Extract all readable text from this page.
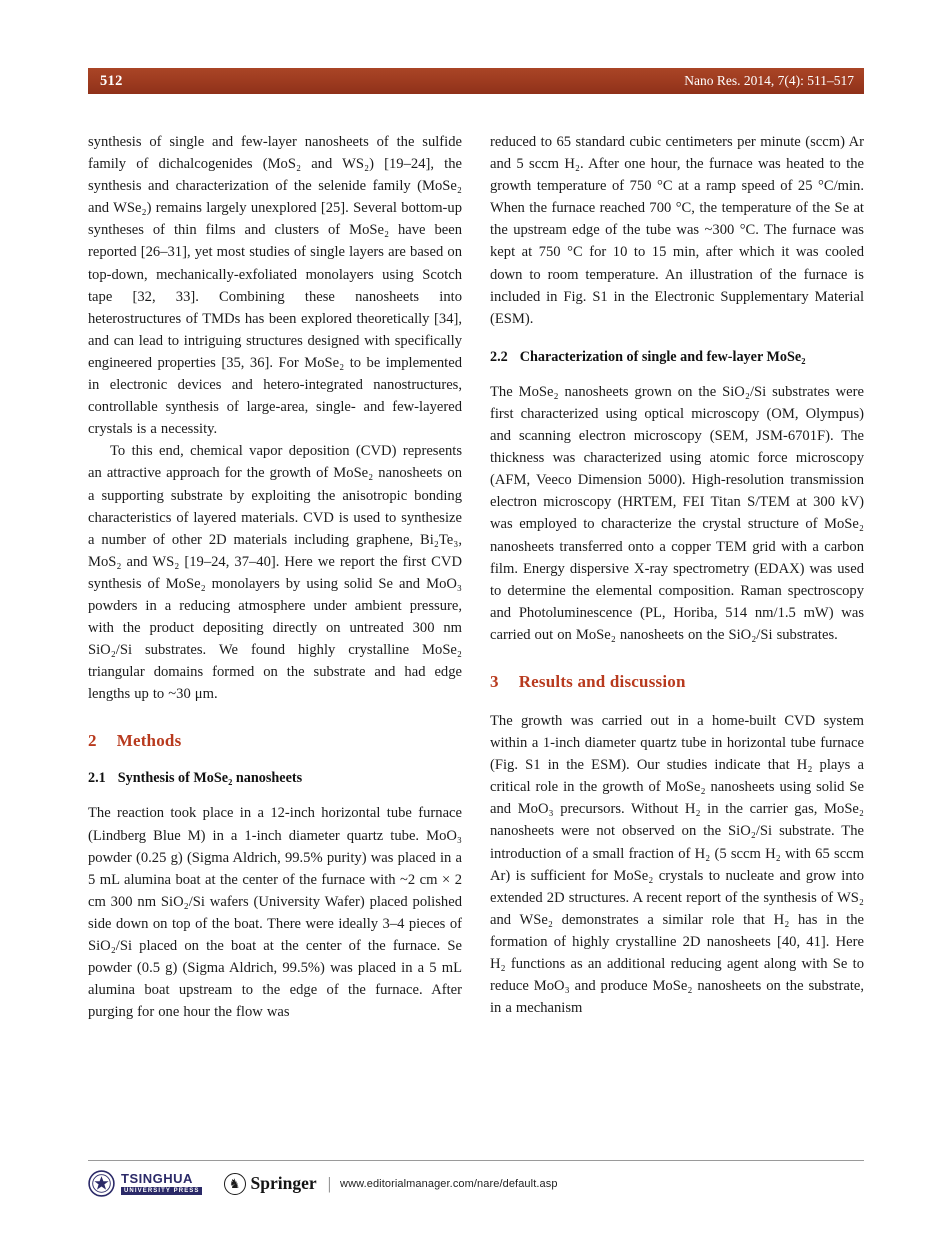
512	Nano Res. 2014, 7(4): 511–517

synthesis of single and few-layer nanosheets of the sulfide family of dichalcogenides (MoS₂ and WS₂) [19–24], the synthesis and characterization of the selenide family (MoSe₂ and WSe₂) remains largely unexplored [25]. Several bottom-up syntheses of thin films and clusters of MoSe₂ have been reported [26–31], yet most studies of single layers are based on top-down, mechanically-exfoliated monolayers using Scotch tape [32, 33]. Combining these nanosheets into heterostructures of TMDs has been explored theoretically [34], and can lead to intriguing structures designed with specifically engineered properties [35, 36]. For MoSe₂ to be implemented in electronic devices and hetero-integrated nanostructures, controllable synthesis of large-area, single- and few-layered crystals is a necessity.

To this end, chemical vapor deposition (CVD) represents an attractive approach for the growth of MoSe₂ nanosheets on a supporting substrate by exploiting the anisotropic bonding characteristics of layered materials. CVD is used to synthesize a number of other 2D materials including graphene, Bi₂Te₃, MoS₂ and WS₂ [19–24, 37–40]. Here we report the first CVD synthesis of MoSe₂ monolayers by using solid Se and MoO₃ powders in a reducing atmosphere under ambient pressure, with the product depositing directly on untreated 300 nm SiO₂/Si substrates. We found highly crystalline MoSe₂ triangular domains formed on the substrate and had edge lengths up to ~30 μm.

2 Methods
2.1 Synthesis of MoSe₂ nanosheets

The reaction took place in a 12-inch horizontal tube furnace (Lindberg Blue M) in a 1-inch diameter quartz tube. MoO₃ powder (0.25 g) (Sigma Aldrich, 99.5% purity) was placed in a 5 mL alumina boat at the center of the furnace with ~2 cm × 2 cm 300 nm SiO₂/Si wafers (University Wafer) placed polished side down on top of the boat. There were ideally 3–4 pieces of SiO₂/Si placed on the boat at the center of the furnace. Se powder (0.5 g) (Sigma Aldrich, 99.5%) was placed in a 5 mL alumina boat upstream to the edge of the furnace. After purging for one hour the flow was

reduced to 65 standard cubic centimeters per minute (sccm) Ar and 5 sccm H₂. After one hour, the furnace was heated to the growth temperature of 750 °C at a ramp speed of 25 °C/min. When the furnace reached 700 °C, the temperature of the Se at the upstream edge of the tube was ~300 °C. The furnace was kept at 750 °C for 10 to 15 min, after which it was cooled down to room temperature. An illustration of the furnace is included in Fig. S1 in the Electronic Supplementary Material (ESM).

2.2 Characterization of single and few-layer MoSe₂

The MoSe₂ nanosheets grown on the SiO₂/Si substrates were first characterized using optical microscopy (OM, Olympus) and scanning electron microscopy (SEM, JSM-6701F). The thickness was characterized using atomic force microscopy (AFM, Veeco Dimension 5000). High-resolution transmission electron microscopy (HRTEM, FEI Titan S/TEM at 300 kV) was employed to characterize the crystal structure of MoSe₂ nanosheets transferred onto a copper TEM grid with a carbon film. Energy dispersive X-ray spectrometry (EDAX) was used to determine the elemental composition. Raman spectroscopy and Photoluminescence (PL, Horiba, 514 nm/1.5 mW) was carried out on MoSe₂ nanosheets on the SiO₂/Si substrates.

3 Results and discussion

The growth was carried out in a home-built CVD system within a 1-inch diameter quartz tube in horizontal tube furnace (Fig. S1 in the ESM). Our studies indicate that H₂ plays a critical role in the growth of MoSe₂ nanosheets using solid Se and MoO₃ precursors. Without H₂ in the carrier gas, MoSe₂ nanosheets were not observed on the SiO₂/Si substrate. The introduction of a small fraction of H₂ (5 sccm H₂ with 65 sccm Ar) is sufficient for MoSe₂ crystals to nucleate and grow into extended 2D structures. A recent report of the synthesis of WS₂ and WSe₂ demonstrates a similar role that H₂ has in the formation of highly crystalline 2D nanosheets [40, 41]. Here H₂ functions as an additional reducing agent along with Se to reduce MoO₃ and produce MoSe₂ nanosheets on the substrate, in a mechanism

TSINGHUA
UNIVERSITY PRESS	♞ Springer | www.editorialmanager.com/nare/default.asp
